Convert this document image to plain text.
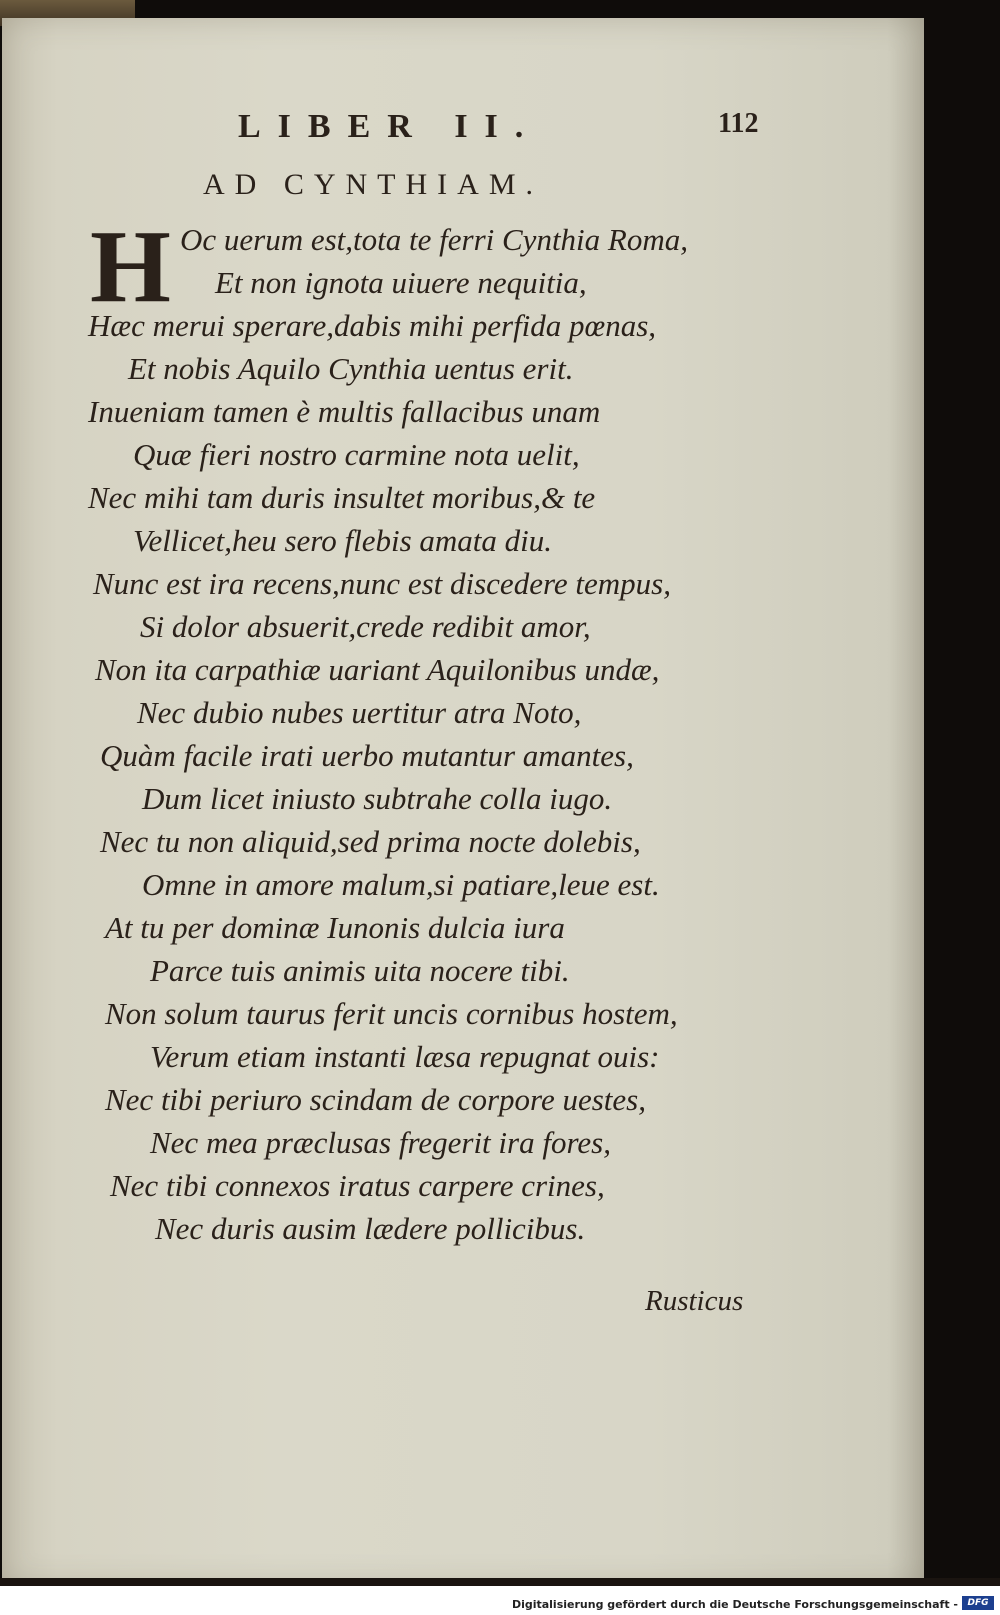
LIBER II.	112
AD CYNTHIAM.
H Oc uerum est,tota te ferri Cynthia Roma,
Et non ignota uiuere nequitia,
Hæc merui sperare,dabis mihi perfida pœnas,
Et nobis Aquilo Cynthia uentus erit.
Inueniam tamen è multis fallacibus unam
Quæ fieri nostro carmine nota uelit,
Nec mihi tam duris insultet moribus,& te
Vellicet,heu sero flebis amata diu.
Nunc est ira recens,nunc est discedere tempus,
Si dolor absuerit,crede redibit amor,
Non ita carpathiæ uariant Aquilonibus undæ,
Nec dubio nubes uertitur atra Noto,
Quàm facile irati uerbo mutantur amantes,
Dum licet iniusto subtrahe colla iugo.
Nec tu non aliquid,sed prima nocte dolebis,
Omne in amore malum,si patiare,leue est.
At tu per dominæ Iunonis dulcia iura
Parce tuis animis uita nocere tibi.
Non solum taurus ferit uncis cornibus hostem,
Verum etiam instanti læsa repugnat ouis:
Nec tibi periuro scindam de corpore uestes,
Nec mea præclusas fregerit ira fores,
Nec tibi connexos iratus carpere crines,
Nec duris ausim lædere pollicibus.
Rusticus
Digitalisierung gefördert durch die Deutsche Forschungsgemeinschaft -	DFG
